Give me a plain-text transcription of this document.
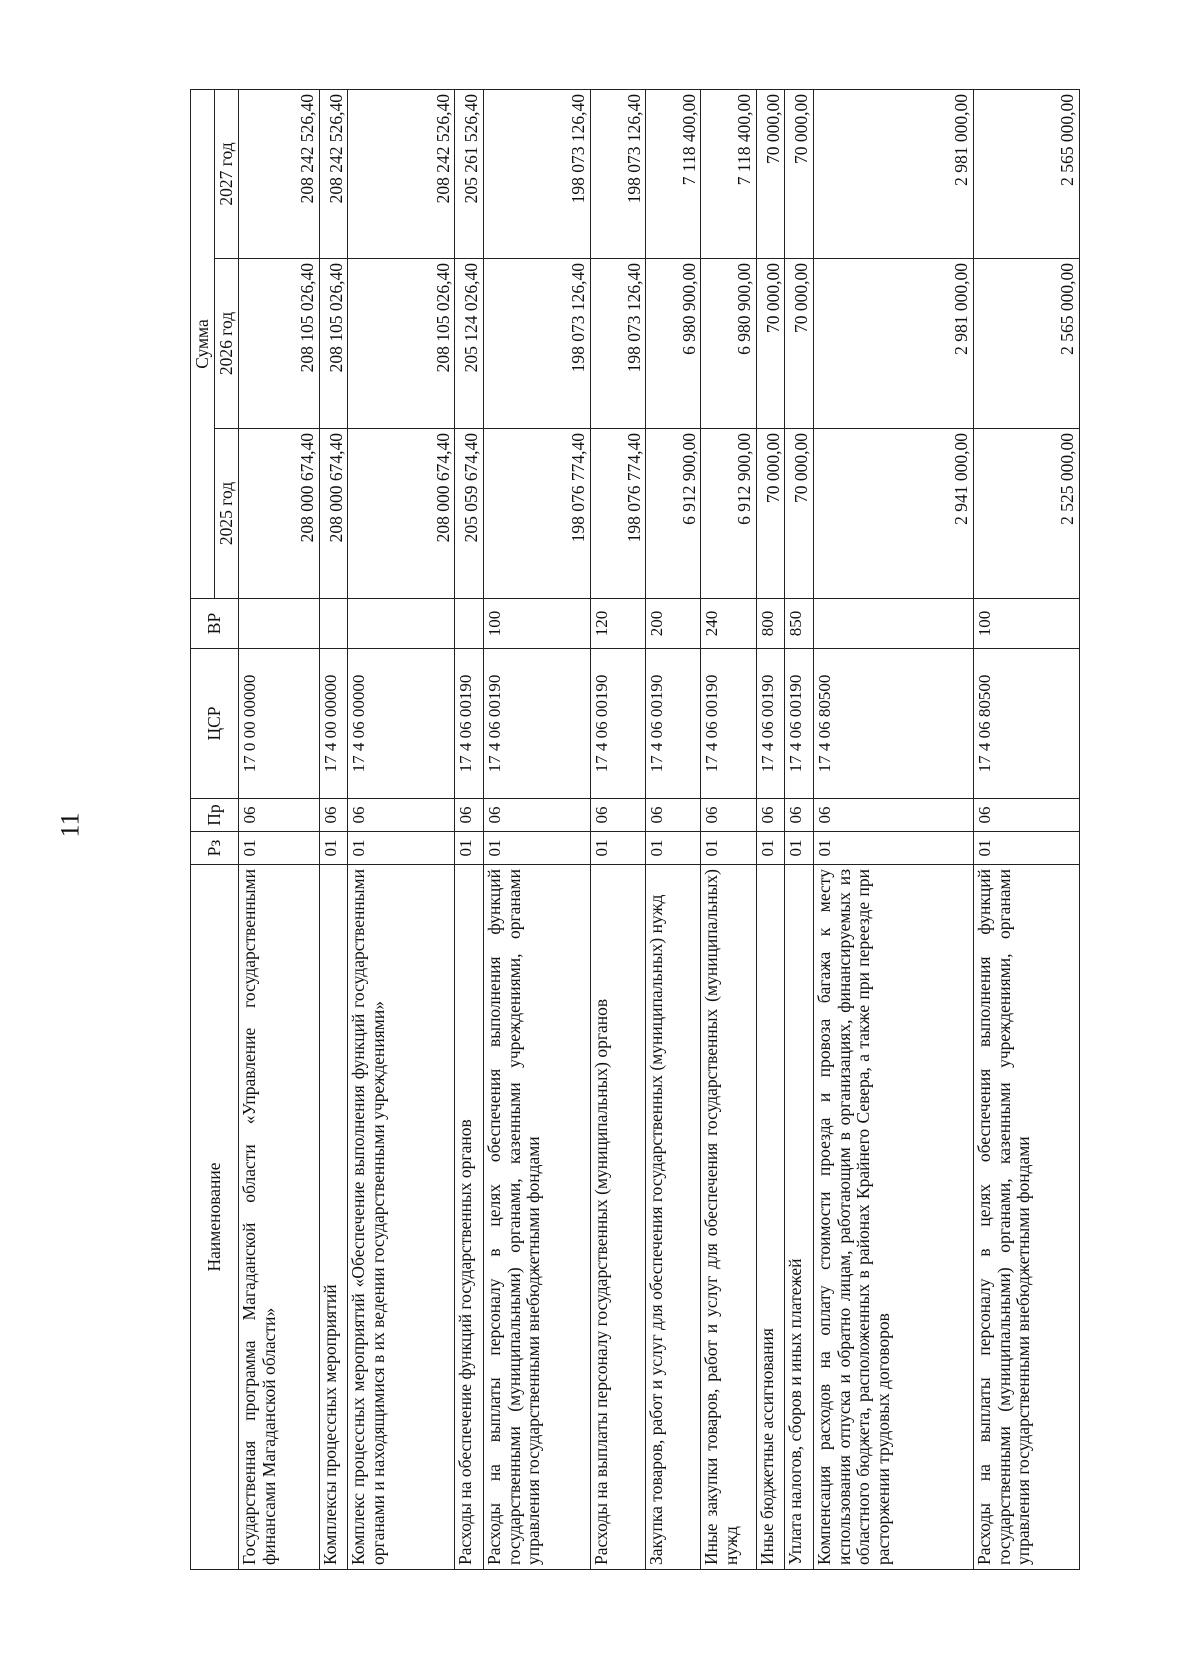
11
Наименование	Рз	Пр	ЦСР	ВР	Сумма		
					2025 год	2026 год	2027 год
Государственная программа Магаданской области «Управление государственными финансами Магаданской области»	01	06	17 0 00 00000		208 000 674,40	208 105 026,40	208 242 526,40
Комплексы процессных мероприятий	01	06	17 4 00 00000		208 000 674,40	208 105 026,40	208 242 526,40
Комплекс процессных мероприятий «Обеспечение выполнения функций государственными органами и находящимися в их ведении государственными учреждениями»	01	06	17 4 06 00000		208 000 674,40	208 105 026,40	208 242 526,40
Расходы на обеспечение функций государственных органов	01	06	17 4 06 00190		205 059 674,40	205 124 026,40	205 261 526,40
Расходы на выплаты персоналу в целях обеспечения выполнения функций государственными (муниципальными) органами, казенными учреждениями, органами управления государственными внебюджетными фондами	01	06	17 4 06 00190	100	198 076 774,40	198 073 126,40	198 073 126,40
Расходы на выплаты персоналу государственных (муниципальных) органов	01	06	17 4 06 00190	120	198 076 774,40	198 073 126,40	198 073 126,40
Закупка товаров, работ и услуг для обеспечения государственных (муниципальных) нужд	01	06	17 4 06 00190	200	6 912 900,00	6 980 900,00	7 118 400,00
Иные закупки товаров, работ и услуг для обеспечения государственных (муниципальных) нужд	01	06	17 4 06 00190	240	6 912 900,00	6 980 900,00	7 118 400,00
Иные бюджетные ассигнования	01	06	17 4 06 00190	800	70 000,00	70 000,00	70 000,00
Уплата налогов, сборов и иных платежей	01	06	17 4 06 00190	850	70 000,00	70 000,00	70 000,00
Компенсация расходов на оплату стоимости проезда и провоза багажа к месту использования отпуска и обратно лицам, работающим в организациях, финансируемых из областного бюджета, расположенных в районах Крайнего Севера, а также при переезде при расторжении трудовых договоров	01	06	17 4 06 80500		2 941 000,00	2 981 000,00	2 981 000,00
Расходы на выплаты персоналу в целях обеспечения выполнения функций государственными (муниципальными) органами, казенными учреждениями, органами управления государственными внебюджетными фондами	01	06	17 4 06 80500	100	2 525 000,00	2 565 000,00	2 565 000,00
